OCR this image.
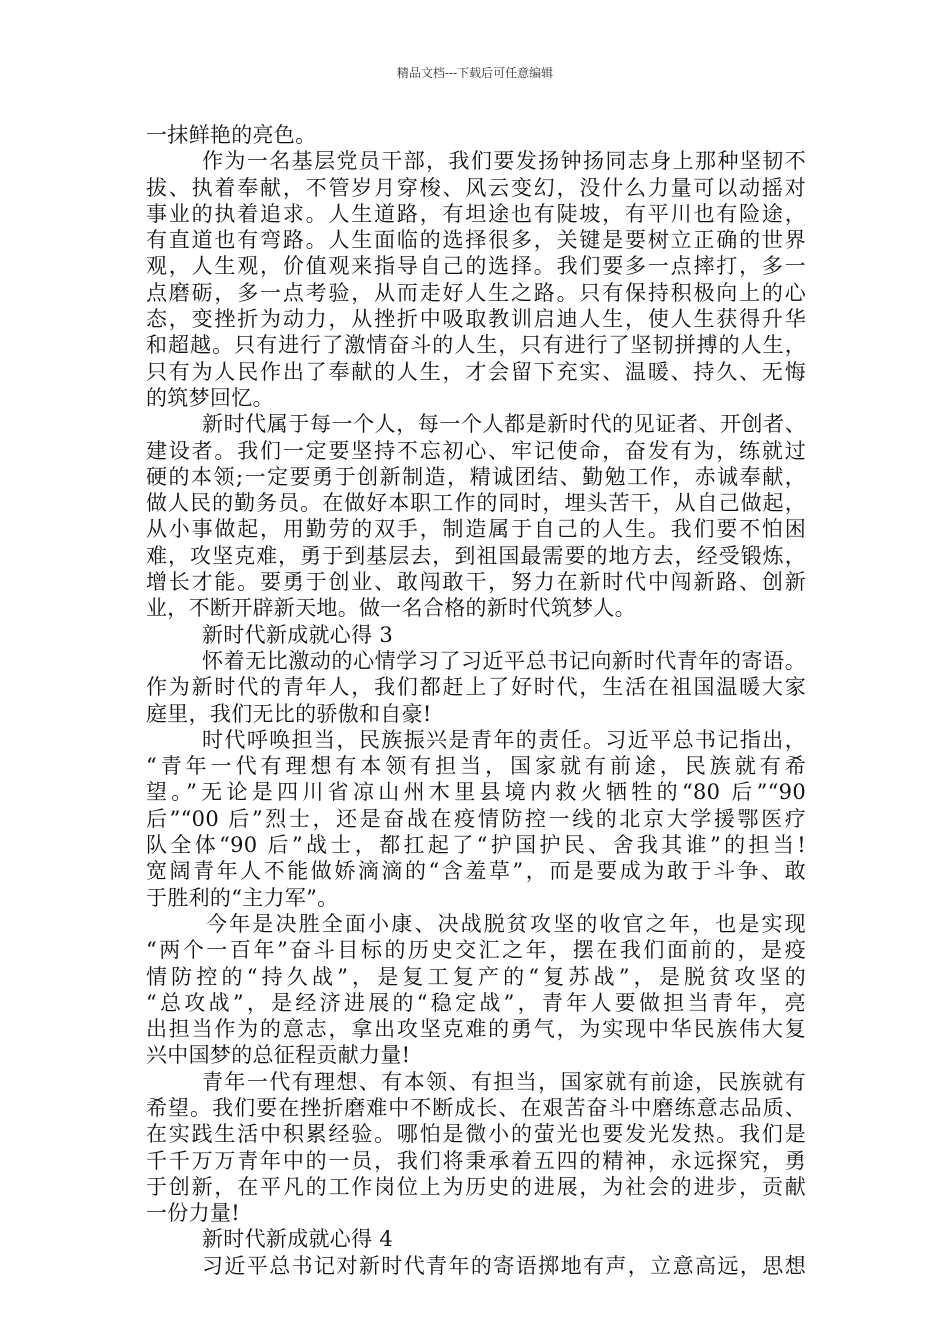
精品文档---下载后可任意编辑
一抹鲜艳的亮色。
作为一名基层党员干部，我们要发扬钟扬同志身上那种坚韧不
拔、执着奉献，不管岁月穿梭、风云变幻，没什么力量可以动摇对
事业的执着追求。人生道路，有坦途也有陡坡，有平川也有险途，
有直道也有弯路。人生面临的选择很多，关键是要树立正确的世界
观，人生观，价值观来指导自己的选择。我们要多一点摔打，多一
点磨砺，多一点考验，从而走好人生之路。只有保持积极向上的心
态，变挫折为动力，从挫折中吸取教训启迪人生，使人生获得升华
和超越。只有进行了激情奋斗的人生，只有进行了坚韧拼搏的人生，
只有为人民作出了奉献的人生，才会留下充实、温暖、持久、无悔
的筑梦回忆。
新时代属于每一个人，每一个人都是新时代的见证者、开创者、
建设者。我们一定要坚持不忘初心、牢记使命，奋发有为，练就过
硬的本领;一定要勇于创新制造，精诚团结、勤勉工作，赤诚奉献，
做人民的勤务员。在做好本职工作的同时，埋头苦干，从自己做起，
从小事做起，用勤劳的双手，制造属于自己的人生。我们要不怕困
难，攻坚克难，勇于到基层去，到祖国最需要的地方去，经受锻炼，
增长才能。要勇于创业、敢闯敢干，努力在新时代中闯新路、创新
业，不断开辟新天地。做一名合格的新时代筑梦人。
新时代新成就心得 3
怀着无比激动的心情学习了习近平总书记向新时代青年的寄语。
作为新时代的青年人，我们都赶上了好时代，生活在祖国温暖大家
庭里，我们无比的骄傲和自豪!
时代呼唤担当，民族振兴是青年的责任。习近平总书记指出，
“青年一代有理想有本领有担当，国家就有前途，民族就有希
望。”无论是四川省凉山州木里县境内救火牺牲的“80 后”“90
后”“00 后”烈士，还是奋战在疫情防控一线的北京大学援鄂医疗
队全体“90 后”战士，都扛起了“护国护民、舍我其谁”的担当!
宽阔青年人不能做娇滴滴的“含羞草”，而是要成为敢于斗争、敢
于胜利的“主力军”。
今年是决胜全面小康、决战脱贫攻坚的收官之年，也是实现
“两个一百年”奋斗目标的历史交汇之年，摆在我们面前的，是疫
情防控的“持久战”，是复工复产的“复苏战”，是脱贫攻坚的
“总攻战”，是经济进展的“稳定战”，青年人要做担当青年，亮
出担当作为的意志，拿出攻坚克难的勇气，为实现中华民族伟大复
兴中国梦的总征程贡献力量!
青年一代有理想、有本领、有担当，国家就有前途，民族就有
希望。我们要在挫折磨难中不断成长、在艰苦奋斗中磨练意志品质、
在实践生活中积累经验。哪怕是微小的萤光也要发光发热。我们是
千千万万青年中的一员，我们将秉承着五四的精神，永远探究，勇
于创新，在平凡的工作岗位上为历史的进展，为社会的进步，贡献
一份力量!
新时代新成就心得 4
习近平总书记对新时代青年的寄语掷地有声，立意高远，思想
